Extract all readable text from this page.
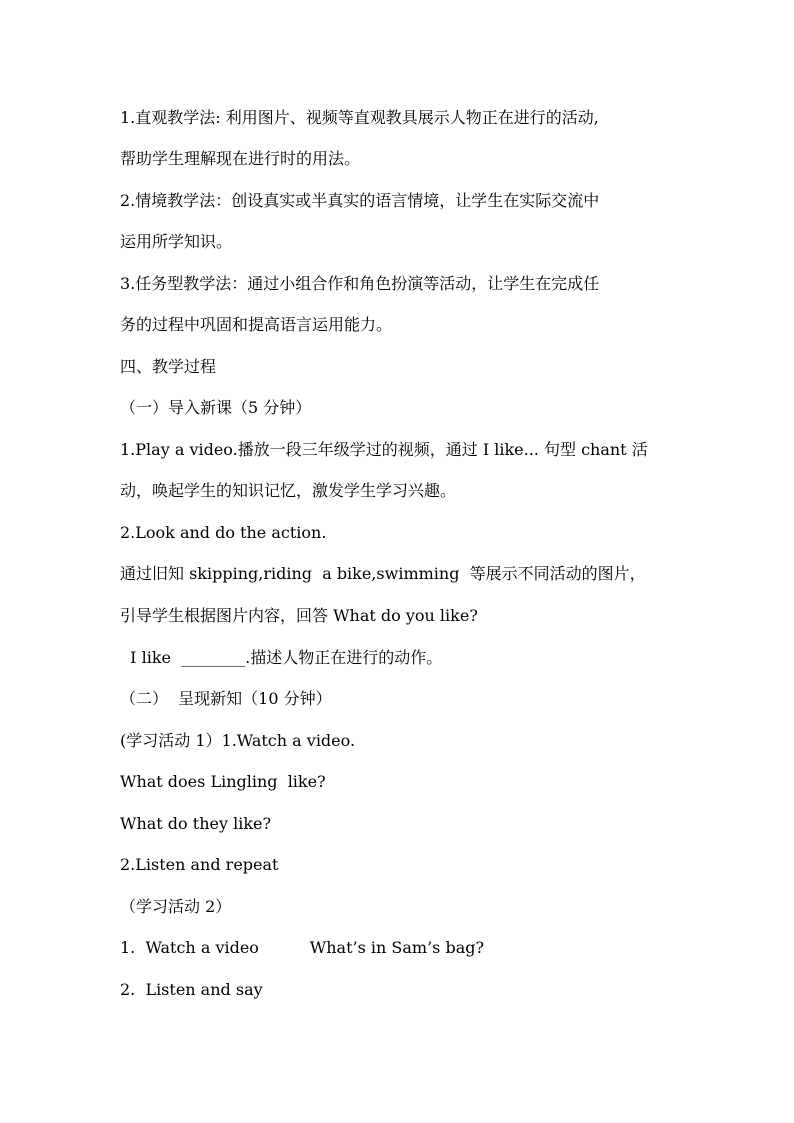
1.直观教学法: 利用图片、视频等直观教具展示人物正在进行的活动,
帮助学生理解现在进行时的用法。
2.情境教学法：创设真实或半真实的语言情境，让学生在实际交流中
运用所学知识。
3.任务型教学法：通过小组合作和角色扮演等活动，让学生在完成任
务的过程中巩固和提高语言运用能力。
四、教学过程
（一）导入新课（5 分钟）
1.Play a video.播放一段三年级学过的视频，通过 I like... 句型 chant 活
动，唤起学生的知识记忆，激发学生学习兴趣。
2.Look and do the action.
通过旧知 skipping,riding  a bike,swimming  等展示不同活动的图片，
引导学生根据图片内容，回答 What do you like?
I like  ________.描述人物正在进行的动作。
（二）  呈现新知（10 分钟）
(学习活动 1）1.Watch a video.
What does Lingling  like?
What do they like?
2.Listen and repeat
（学习活动 2）
1.  Watch a video          What’s in Sam’s bag?
2.  Listen and say
